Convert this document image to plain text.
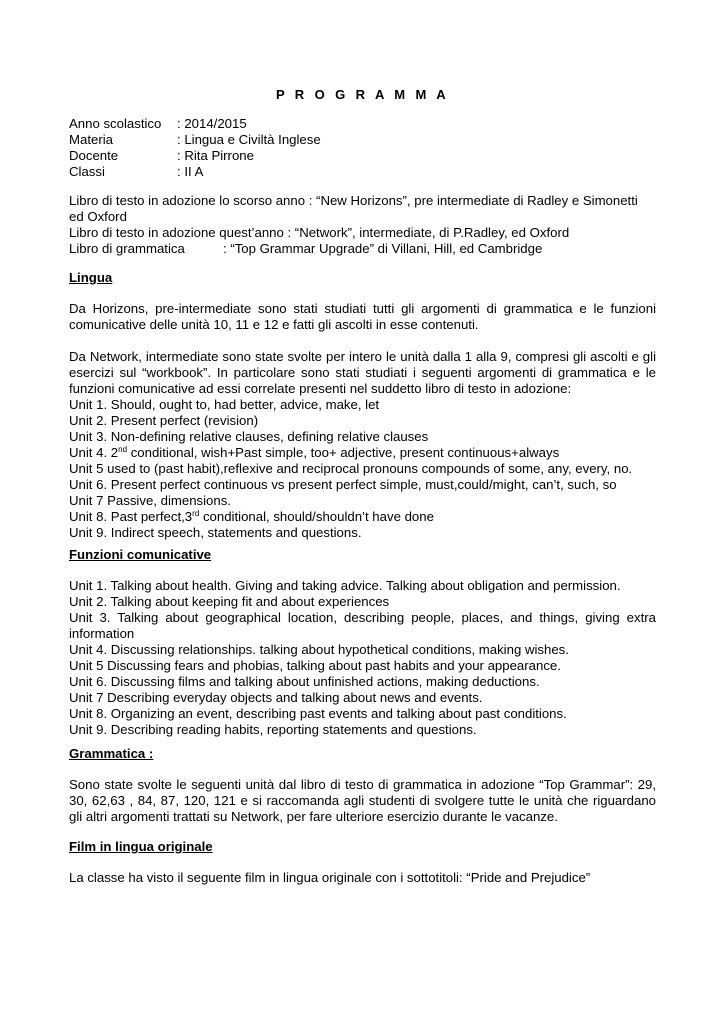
P R O G R A M M A
Anno scolastico	: 2014/2015
Materia	: Lingua e Civiltà Inglese
Docente	: Rita Pirrone
Classi	: II A
Libro di testo in adozione lo scorso anno : “New Horizons”, pre intermediate di Radley e Simonetti ed Oxford
Libro di testo in adozione quest’anno : “Network”, intermediate, di P.Radley, ed Oxford
Libro di grammatica	: “Top Grammar Upgrade” di Villani, Hill, ed Cambridge
Lingua
Da Horizons, pre-intermediate sono stati studiati tutti gli argomenti di grammatica e le funzioni comunicative delle unità 10, 11 e 12 e fatti gli ascolti in esse contenuti.
Da Network, intermediate sono state svolte per intero le unità dalla 1 alla 9, compresi gli ascolti e gli esercizi sul “workbook”. In particolare sono stati studiati i seguenti argomenti di grammatica e le funzioni comunicative ad essi correlate presenti nel suddetto libro di testo in adozione:
Unit 1. Should, ought to, had better, advice, make, let
Unit 2. Present perfect (revision)
Unit 3. Non-defining relative clauses, defining relative clauses
Unit 4. 2nd conditional, wish+Past simple, too+ adjective, present continuous+always
Unit 5 used to (past habit),reflexive and reciprocal pronouns compounds of some, any, every, no.
Unit 6. Present perfect continuous vs present perfect simple, must,could/might, can’t, such, so
Unit 7 Passive, dimensions.
Unit 8. Past perfect,3rd conditional, should/shouldn’t have done
Unit 9. Indirect speech, statements and questions.
Funzioni comunicative
Unit 1. Talking about health. Giving and taking advice. Talking about obligation and permission.
Unit 2. Talking about keeping fit and about experiences
Unit 3. Talking about geographical location, describing people, places, and things, giving extra information
Unit 4. Discussing relationships. talking about hypothetical conditions, making wishes.
Unit 5 Discussing fears and phobias, talking about past habits and your appearance.
Unit 6. Discussing films and talking about unfinished actions, making deductions.
Unit 7 Describing everyday objects and talking about news and events.
Unit 8. Organizing an event, describing past events and talking about past conditions.
Unit 9. Describing reading habits, reporting statements and questions.
Grammatica :
Sono state svolte le seguenti unità dal libro di testo di grammatica in adozione “Top Grammar”: 29, 30, 62,63 , 84, 87, 120, 121 e si raccomanda agli studenti di svolgere tutte le unità che riguardano gli altri argomenti trattati su Network, per fare ulteriore esercizio durante le vacanze.
Film in lingua originale
La classe ha visto il seguente film in lingua originale con i sottotitoli: “Pride and Prejudice”
